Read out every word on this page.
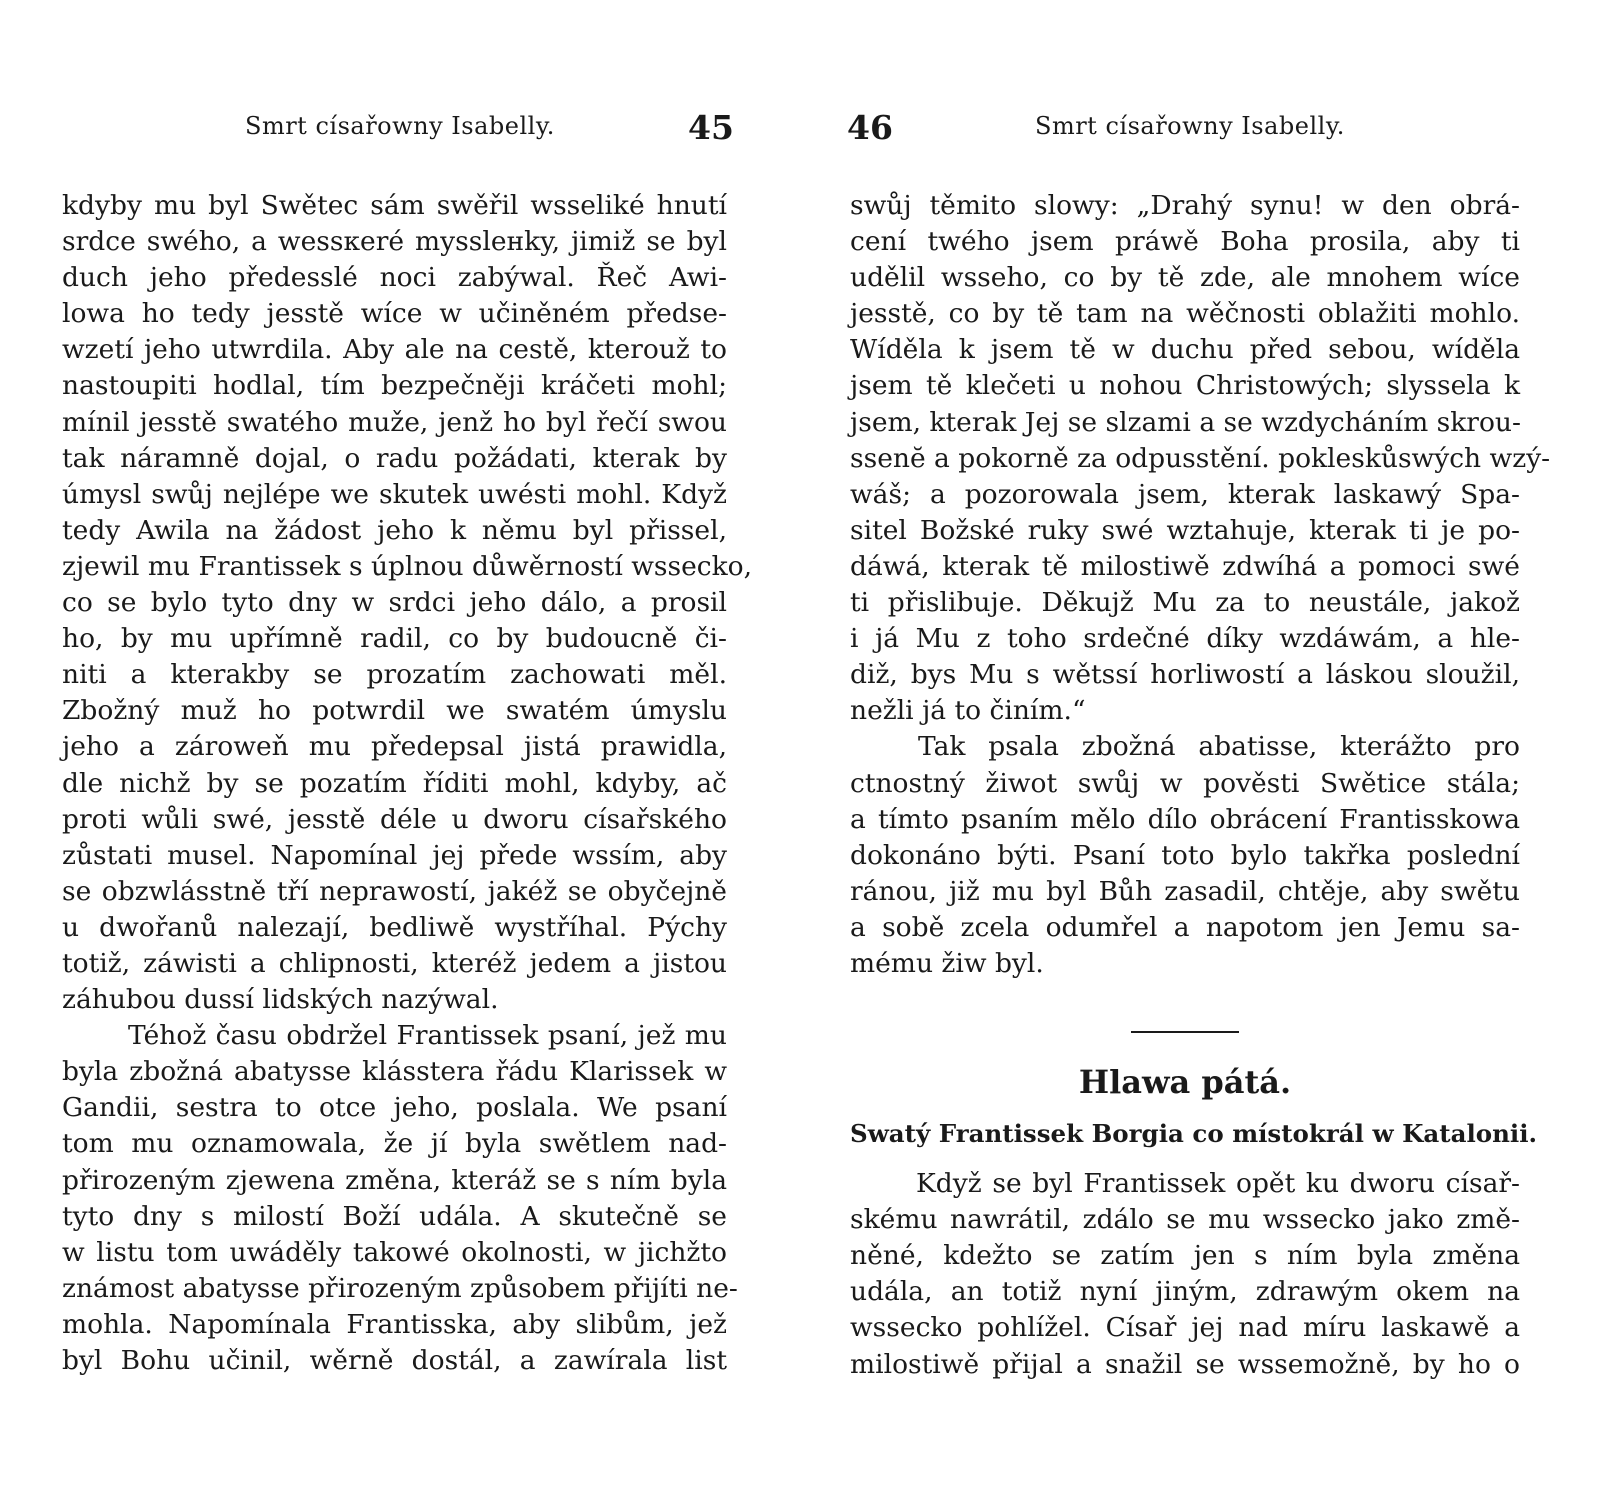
Smrt císařowny Isabelly.	45
kdyby mu byl Swětec sám swěřil wsseliké hnutí
srdce swého, a wessкeré myssleнky, jimiž se byl
duch jeho předesslé noci zabýwal. Řeč Awi-
lowa ho tedy jesstě wíce w učiněném předse-
wzetí jeho utwrdila. Aby ale na cestě, kterouž to
nastoupiti hodlal, tím bezpečněji kráčeti mohl;
mínil jesstě swatého muže, jenž ho byl řečí swou
tak náramně dojal, o radu požádati, kterak by
úmysl swůj nejlépe we skutek uwésti mohl. Když
tedy Awila na žádost jeho k němu byl přissel,
zjewil mu Frantissek s úplnou důwěrností wssecko,
co se bylo tyto dny w srdci jeho dálo, a prosil
ho, by mu upřímně radil, co by budoucně či-
niti a kterakby se prozatím zachowati měl.
Zbožný muž ho potwrdil we swatém úmyslu
jeho a zároweň mu předepsal jistá prawidla,
dle nichž by se pozatím říditi mohl, kdyby, ač
proti wůli swé, jesstě déle u dworu císařského
zůstati musel. Napomínal jej přede wssím, aby
se obzwlásstně tří neprawostí, jakéž se obyčejně
u dwořanů nalezají, bedliwě wystříhal. Pýchy
totiž, záwisti a chlipnosti, kteréž jedem a jistou
záhubou dussí lidských nazýwal.
Téhož času obdržel Frantissek psaní, jež mu
byla zbožná abatysse klásstera řádu Klarissek w
Gandii, sestra to otce jeho, poslala. We psaní
tom mu oznamowala, že jí byla swětlem nad-
přirozeným zjewena změna, kteráž se s ním byla
tyto dny s milostí Boží udála. A skutečně se
w listu tom uwáděly takowé okolnosti, w jichžto
známost abatysse přirozeným způsobem přijíti ne-
mohla. Napomínala Frantisska, aby slibům, jež
byl Bohu učinil, wěrně dostál, a zawírala list
46	Smrt císařowny Isabelly.
swůj těmito slowy: „Drahý synu! w den obrá-
cení twého jsem práwě Boha prosila, aby ti
udělil wsseho, co by tě zde, ale mnohem wíce
jesstě, co by tě tam na wěčnosti oblažiti mohlo.
Wíděla k jsem tě w duchu před sebou, wíděla
jsem tě klečeti u nohou Christowých; slyssela k
jsem, kterak Jej se slzami a se wzdycháním skrou-
ssenĕ a pokorně za odpusstění. pokleskůswých wzý-
wáš; a pozorowala jsem, kterak laskawý Spa-
sitel Božské ruky swé wztahuje, kterak ti je po-
dáwá, kterak tě milostiwě zdwíhá a pomoci swé
ti přislibuje. Děkujž Mu za to neustále, jakož
i já Mu z toho srdečné díky wzdáwám, a hle-
diž, bys Mu s wětssí horliwostí a láskou sloužil,
nežli já to činím.“
Tak psala zbožná abatisse, kterážto pro
ctnostný žiwot swůj w pověsti Swětice stála;
a tímto psaním mělo dílo obrácení Frantisskowa
dokonáno býti. Psaní toto bylo takřka poslední
ránou, již mu byl Bůh zasadil, chtěje, aby swětu
a sobě zcela odumřel a napotom jen Jemu sa-
mému žiw byl.
Hlawa pátá.
Swatý Frantissek Borgia co místokrál w Katalonii.
Když se byl Frantissek opět ku dworu císař-
skému nawrátil, zdálo se mu wssecko jako změ-
něné, kdežto se zatím jen s ním byla změna
udála, an totiž nyní jiným, zdrawým okem na
wssecko pohlížel. Císař jej nad míru laskawě a
milostiwě přijal a snažil se wssemožně, by ho o
